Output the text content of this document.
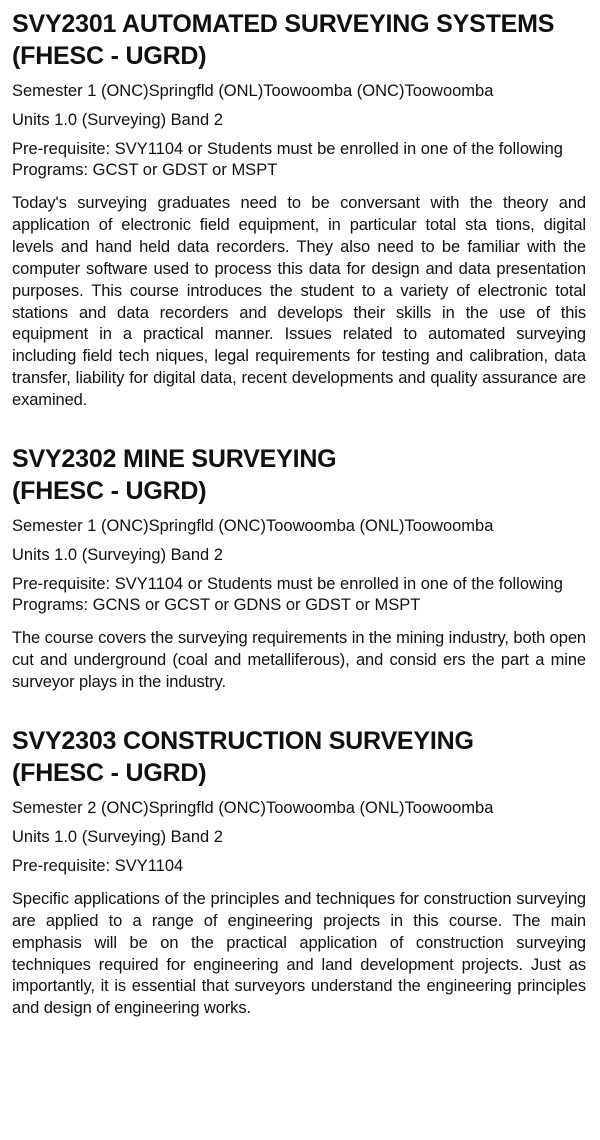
SVY2301 AUTOMATED SURVEYING SYSTEMS
(FHESC - UGRD)

Semester 1 (ONC)Springfld (ONL)Toowoomba (ONC)Toowoomba

Units 1.0 (Surveying) Band 2

Pre-requisite: SVY1104 or Students must be enrolled in one of the following Programs: GCST or GDST or MSPT

Today's surveying graduates need to be conversant with the theory and application of electronic field equipment, in particular total sta tions, digital levels and hand held data recorders. They also need to be familiar with the computer software used to process this data for design and data presentation purposes. This course introduces the student to a variety of electronic total stations and data recorders and develops their skills in the use of this equipment in a practical manner. Issues related to automated surveying including field tech niques, legal requirements for testing and calibration, data transfer, liability for digital data, recent developments and quality assurance are examined.

SVY2302 MINE SURVEYING
(FHESC - UGRD)

Semester 1 (ONC)Springfld (ONC)Toowoomba (ONL)Toowoomba

Units 1.0 (Surveying) Band 2

Pre-requisite: SVY1104 or Students must be enrolled in one of the following Programs: GCNS or GCST or GDNS or GDST or MSPT

The course covers the surveying requirements in the mining industry, both open cut and underground (coal and metalliferous), and consid ers the part a mine surveyor plays in the industry.

SVY2303 CONSTRUCTION SURVEYING
(FHESC - UGRD)

Semester 2 (ONC)Springfld (ONC)Toowoomba (ONL)Toowoomba

Units 1.0 (Surveying) Band 2

Pre-requisite: SVY1104

Specific applications of the principles and techniques for construction surveying are applied to a range of engineering projects in this course. The main emphasis will be on the practical application of construction surveying techniques required for engineering and land development projects. Just as importantly, it is essential that surveyors understand the engineering principles and design of engineering works.
